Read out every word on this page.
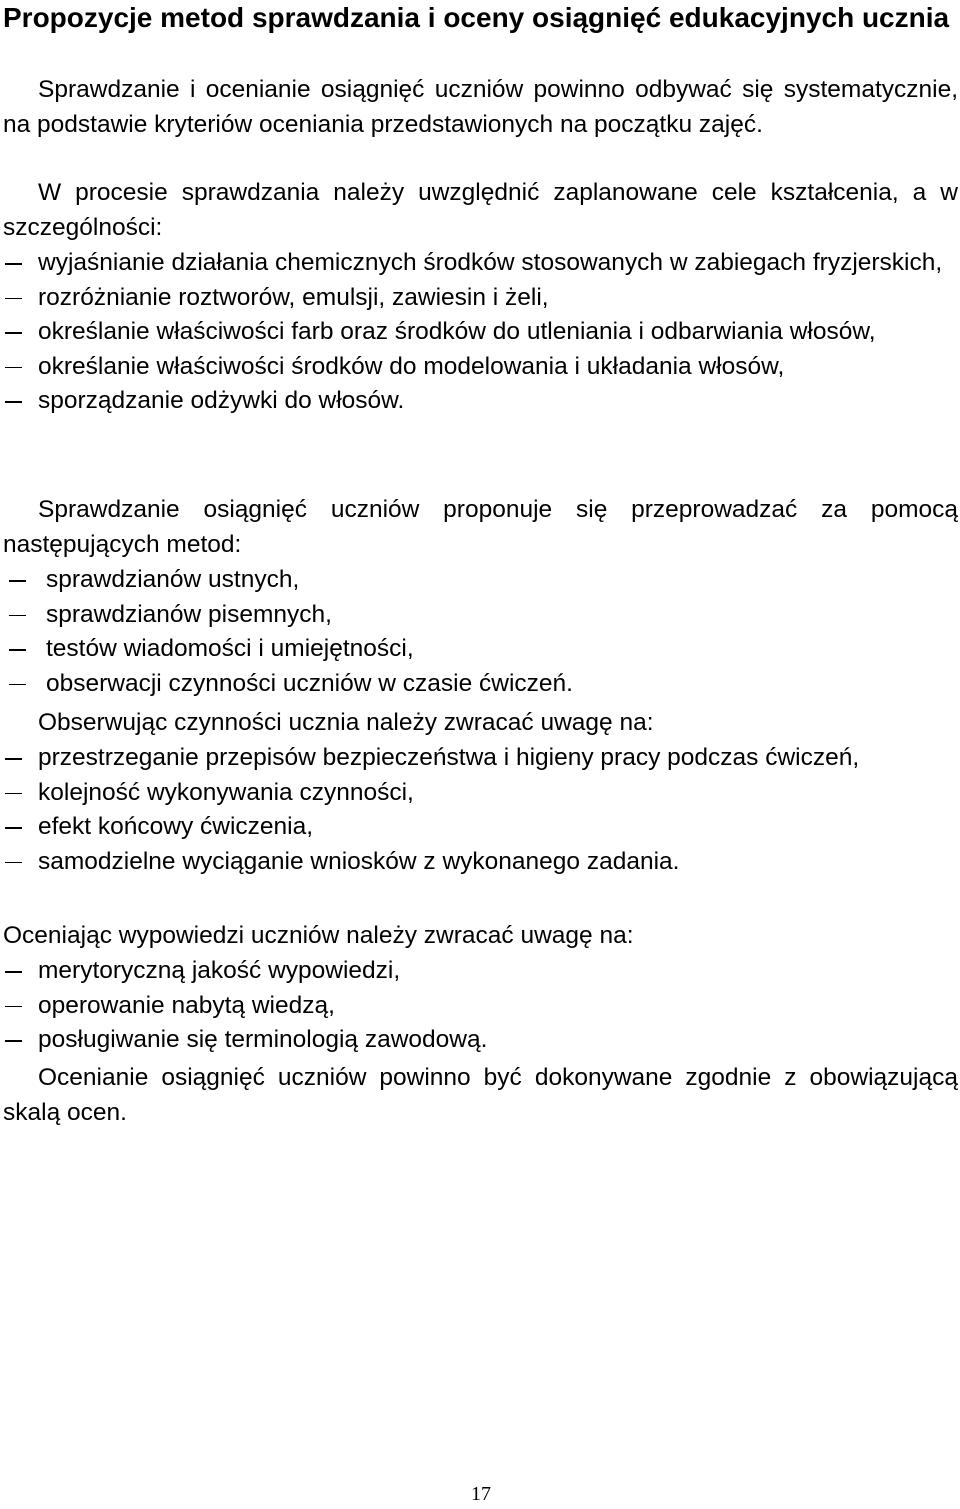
Propozycje metod sprawdzania i oceny osiągnięć edukacyjnych ucznia

Sprawdzanie i ocenianie osiągnięć uczniów powinno odbywać się systematycznie, na podstawie kryteriów oceniania przedstawionych na początku zajęć.

W procesie sprawdzania należy uwzględnić zaplanowane cele kształcenia, a w szczególności:

wyjaśnianie działania chemicznych środków stosowanych w zabiegach fryzjerskich,
rozróżnianie roztworów, emulsji, zawiesin i żeli,
określanie właściwości farb oraz środków do utleniania i odbarwiania włosów,
określanie właściwości środków do modelowania i układania włosów,
sporządzanie odżywki do włosów.

Sprawdzanie osiągnięć uczniów proponuje się przeprowadzać za pomocą następujących metod:

sprawdzianów ustnych,
sprawdzianów pisemnych,
testów wiadomości i umiejętności,
obserwacji czynności uczniów w czasie ćwiczeń.

Obserwując czynności ucznia należy zwracać uwagę na:

przestrzeganie przepisów bezpieczeństwa i higieny pracy podczas ćwiczeń,
kolejność wykonywania czynności,
efekt końcowy ćwiczenia,
samodzielne wyciąganie wniosków z wykonanego zadania.

Oceniając wypowiedzi uczniów należy zwracać uwagę na:

merytoryczną jakość wypowiedzi,
operowanie nabytą wiedzą,
posługiwanie się terminologią zawodową.

Ocenianie osiągnięć uczniów powinno być dokonywane zgodnie z obowiązującą skalą ocen.

17
